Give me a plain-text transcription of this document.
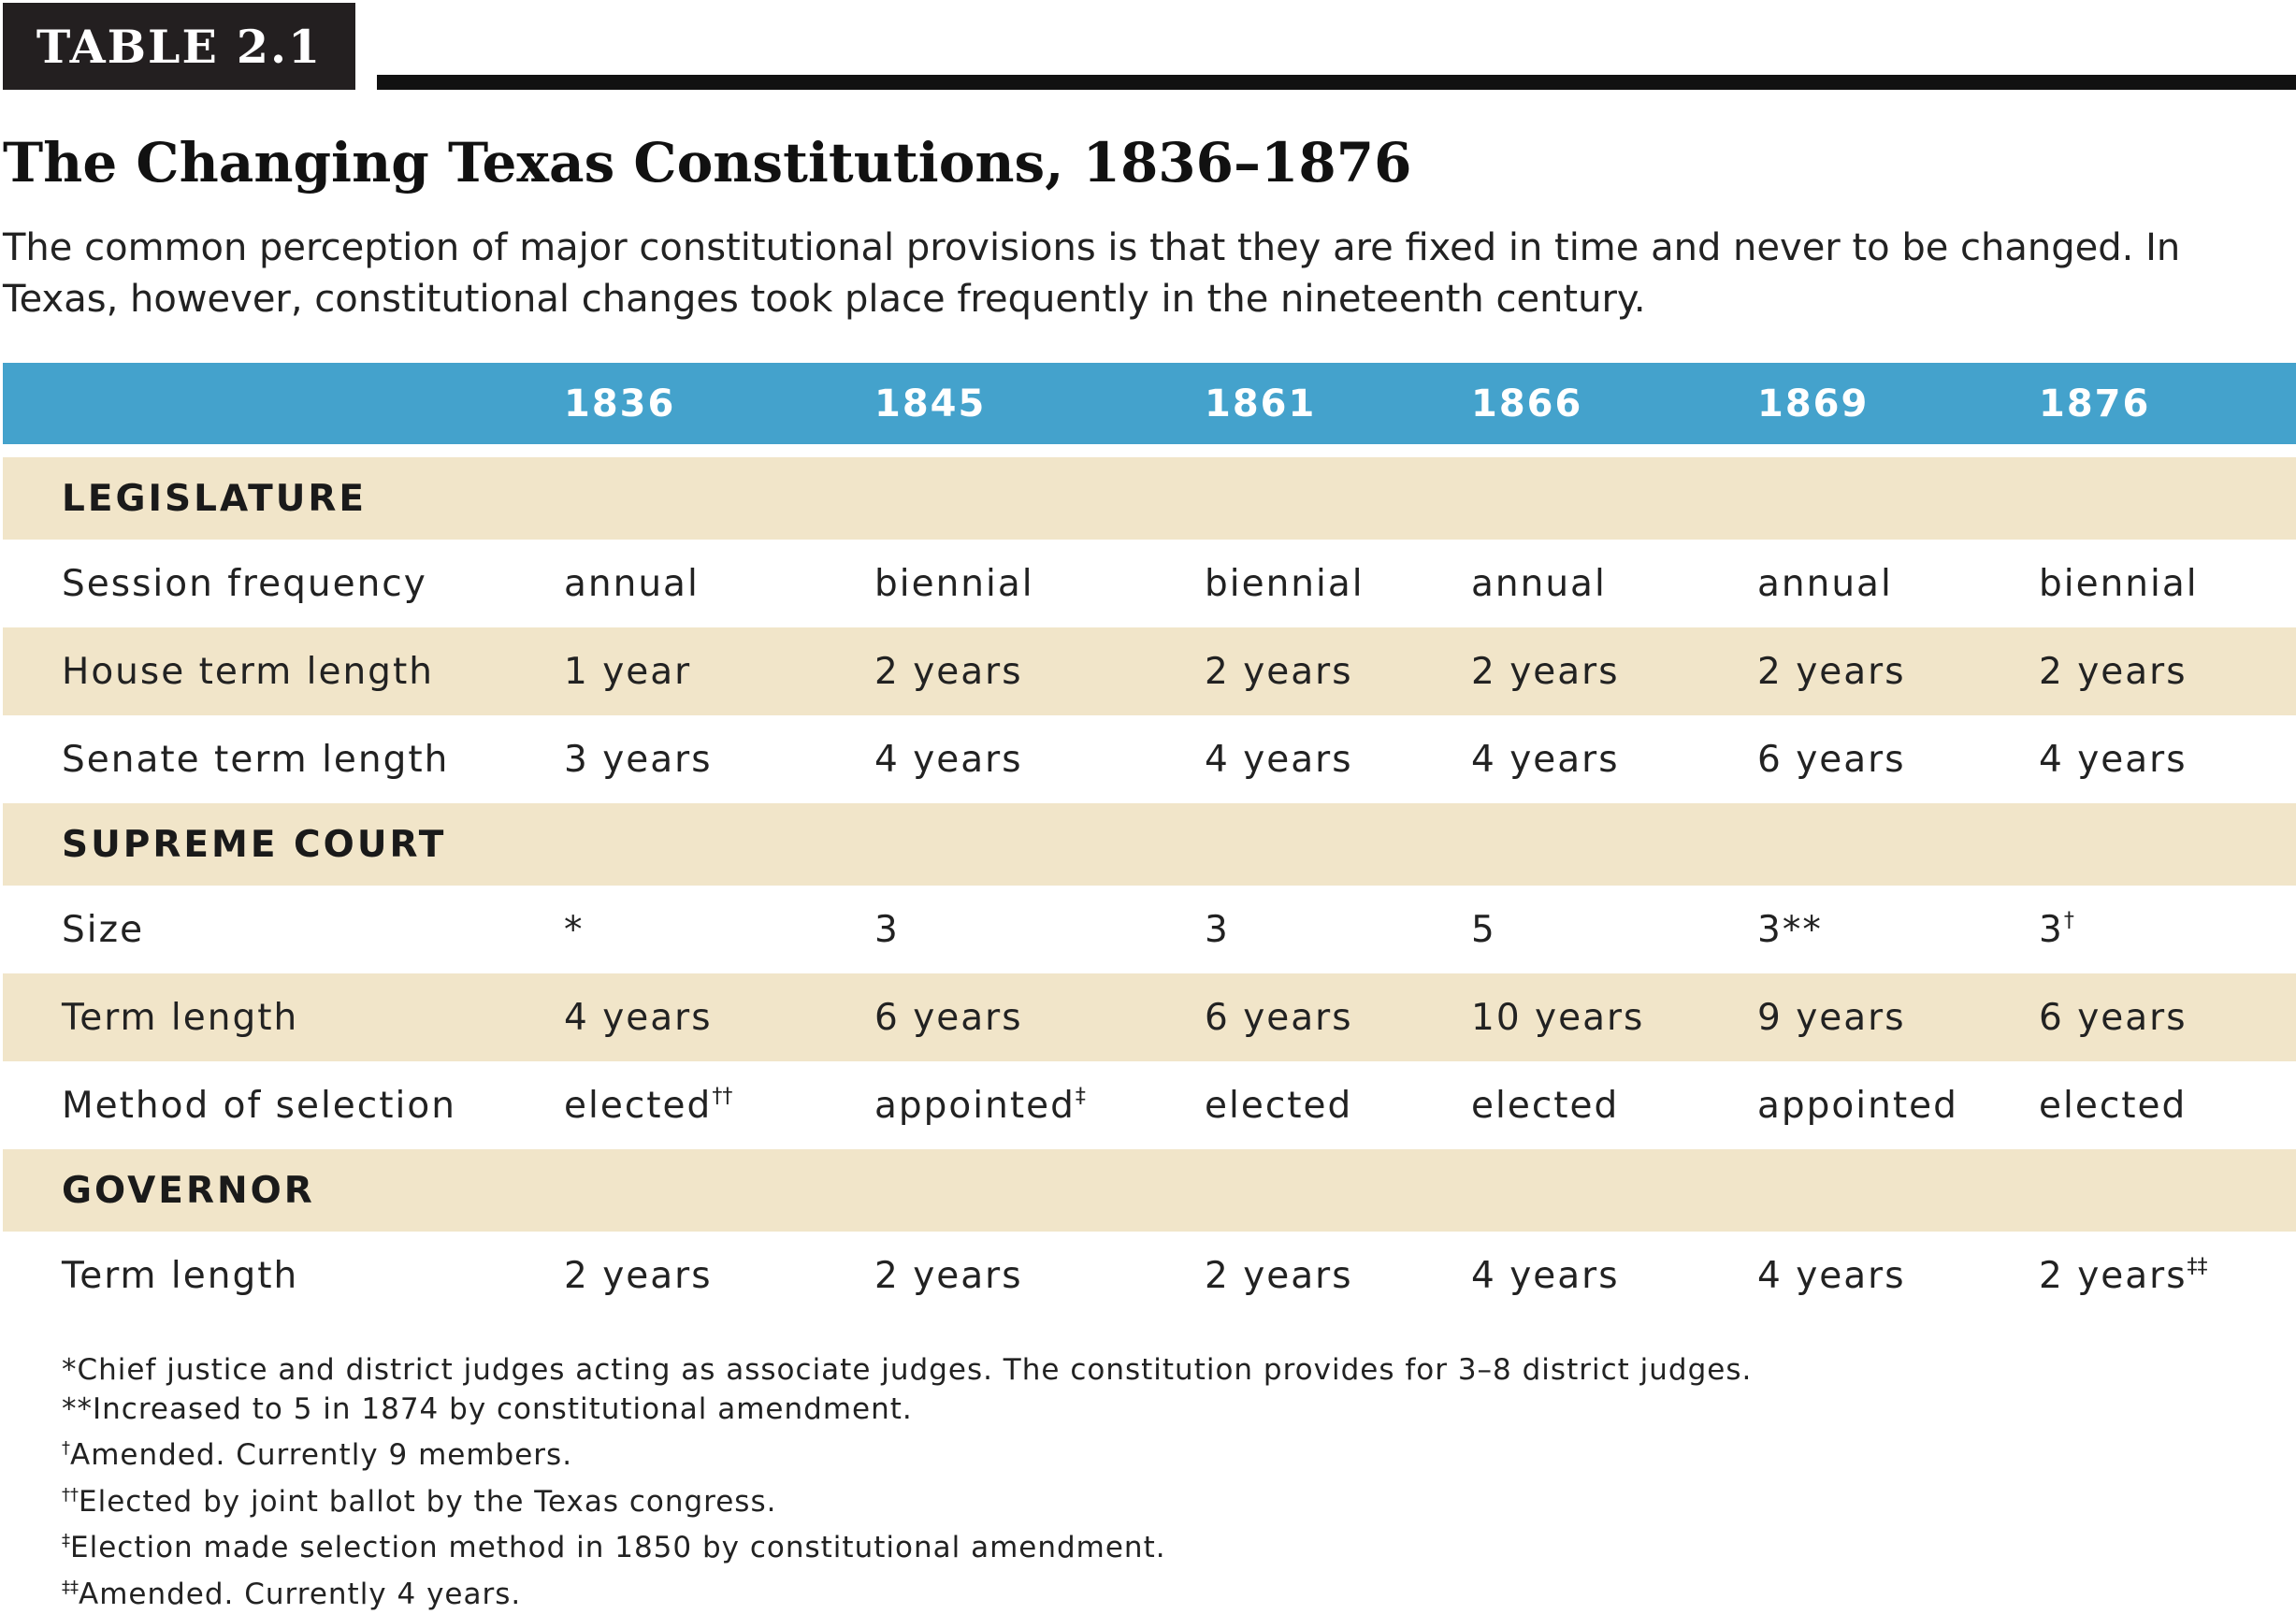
TABLE 2.1
The Changing Texas Constitutions, 1836–1876

The common perception of major constitutional provisions is that they are fixed in time and never to be changed. In Texas, however, constitutional changes took place frequently in the nineteenth century.

	1836	1845	1861	1866	1869	1876

LEGISLATURE						
Session frequency	annual	biennial	biennial	annual	annual	biennial
House term length	1 year	2 years	2 years	2 years	2 years	2 years
Senate term length	3 years	4 years	4 years	4 years	6 years	4 years
SUPREME COURT						
Size	*	3	3	5	3**	3†
Term length	4 years	6 years	6 years	10 years	9 years	6 years
Method of selection	elected††	appointed‡	elected	elected	appointed	elected
GOVERNOR						
Term length	2 years	2 years	2 years	4 years	4 years	2 years‡‡
*Chief justice and district judges acting as associate judges. The constitution provides for 3–8 district judges.
**Increased to 5 in 1874 by constitutional amendment.
†Amended. Currently 9 members.
††Elected by joint ballot by the Texas congress.
‡Election made selection method in 1850 by constitutional amendment.
‡‡Amended. Currently 4 years.
